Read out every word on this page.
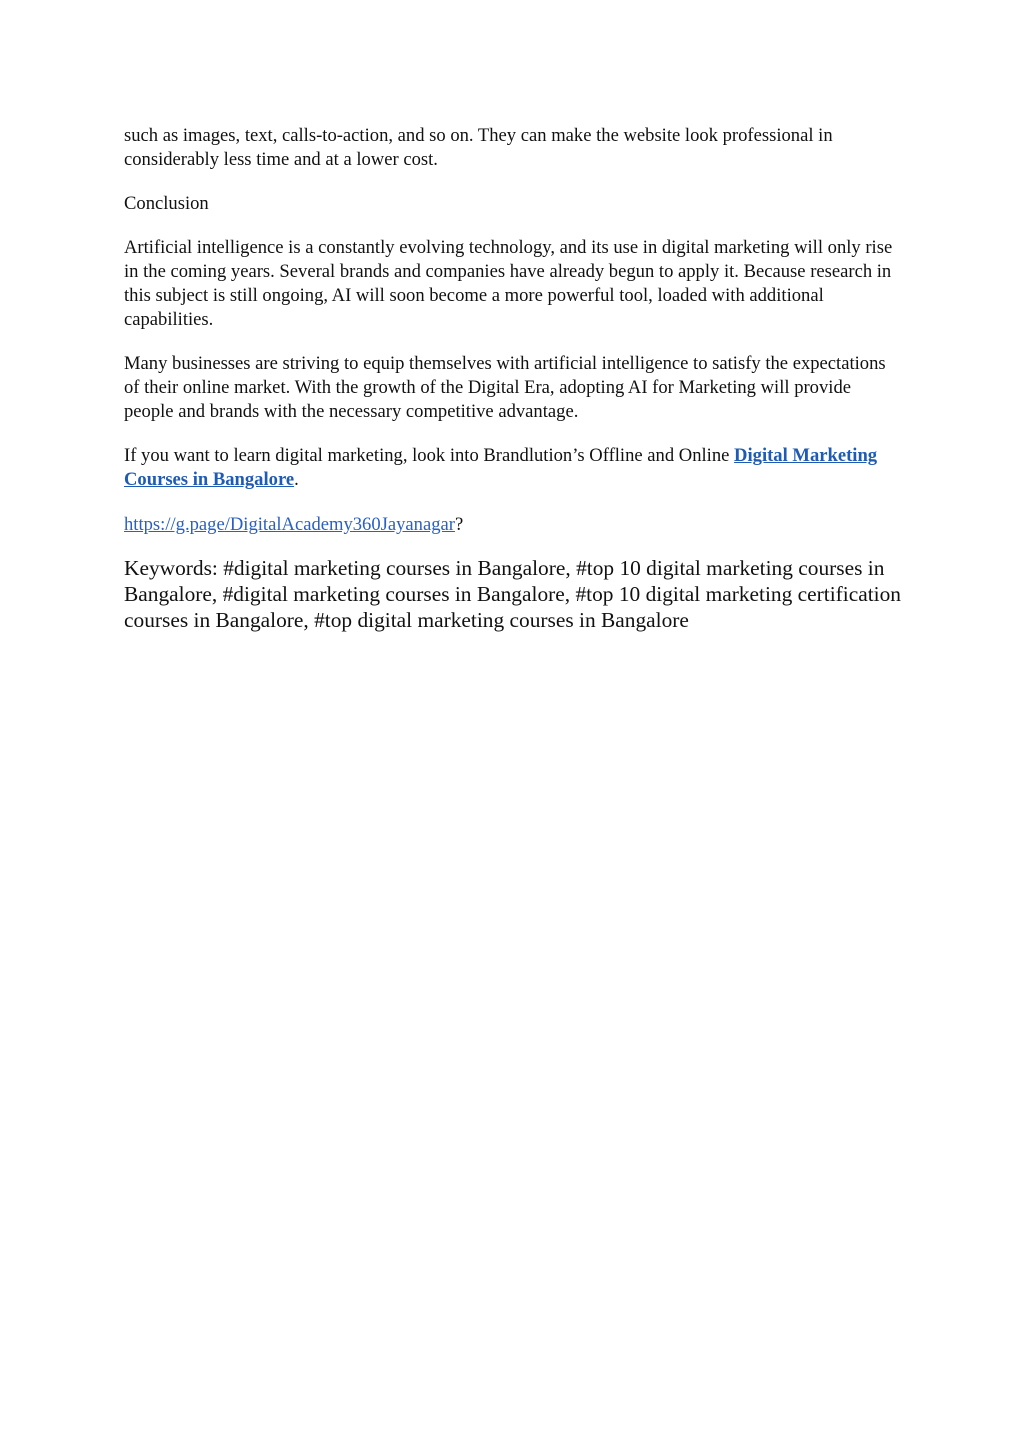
such as images, text, calls-to-action, and so on. They can make the website look professional in considerably less time and at a lower cost.

Conclusion

Artificial intelligence is a constantly evolving technology, and its use in digital marketing will only rise in the coming years. Several brands and companies have already begun to apply it. Because research in this subject is still ongoing, AI will soon become a more powerful tool, loaded with additional capabilities.

Many businesses are striving to equip themselves with artificial intelligence to satisfy the expectations of their online market. With the growth of the Digital Era, adopting AI for Marketing will provide people and brands with the necessary competitive advantage.

If you want to learn digital marketing, look into Brandlution’s Offline and Online Digital Marketing Courses in Bangalore.

https://g.page/DigitalAcademy360Jayanagar?

Keywords: #digital marketing courses in Bangalore, #top 10 digital marketing courses in Bangalore, #digital marketing courses in Bangalore, #top 10 digital marketing certification courses in Bangalore, #top digital marketing courses in Bangalore
